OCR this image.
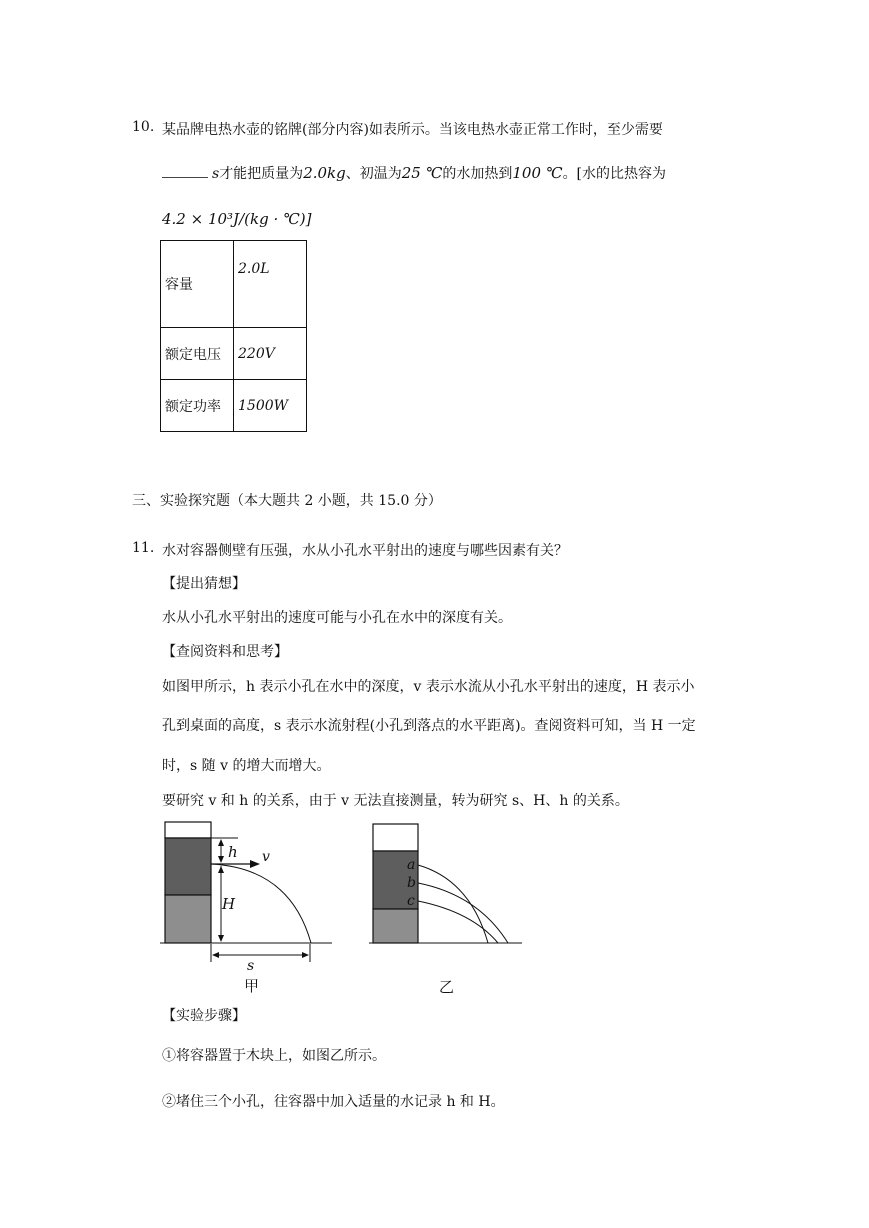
10. 某品牌电热水壶的铭牌(部分内容)如表所示。当该电热水壶正常工作时，至少需要
s才能把质量为2.0kg、初温为25 ℃的水加热到100 ℃。[水的比热容为
4.2 × 10³J/(kg · ℃)]
容量	2.0L
额定电压	220V
额定功率	1500W
三、实验探究题（本大题共 2 小题，共 15.0 分）
11. 水对容器侧壁有压强，水从小孔水平射出的速度与哪些因素有关？
【提出猜想】
水从小孔水平射出的速度可能与小孔在水中的深度有关。
【查阅资料和思考】
如图甲所示，h 表示小孔在水中的深度，v 表示水流从小孔水平射出的速度，H 表示小
孔到桌面的高度，s 表示水流射程(小孔到落点的水平距离)。查阅资料可知，当 H 一定
时，s 随 v 的增大而增大。
要研究 v 和 h 的关系，由于 v 无法直接测量，转为研究 s、H、h 的关系。
h v
H
s
甲
a
b
c
乙
【实验步骤】
①将容器置于木块上，如图乙所示。
②堵住三个小孔，往容器中加入适量的水记录 h 和 H。
